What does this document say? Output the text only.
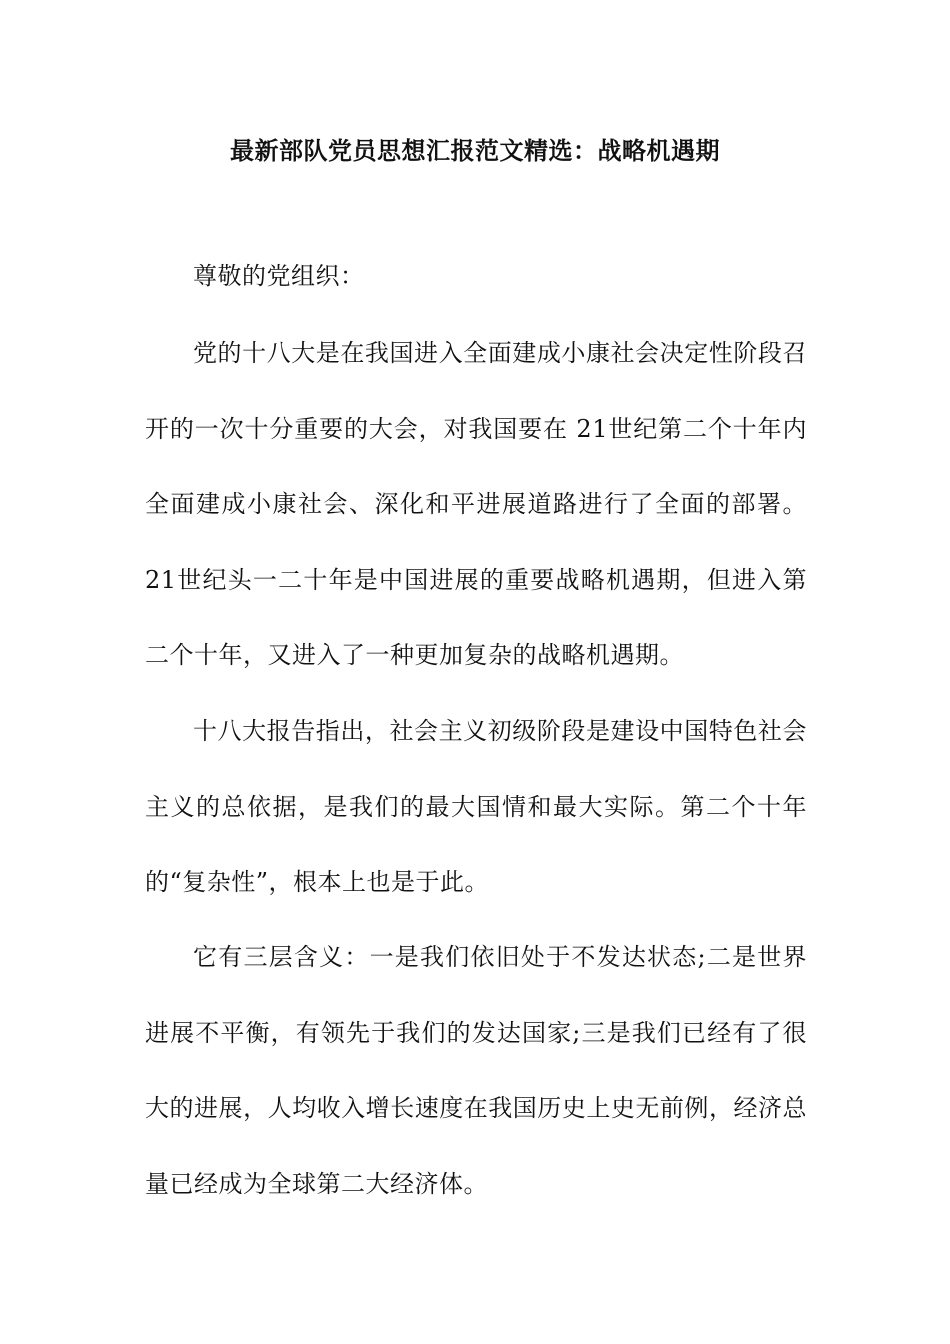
最新部队党员思想汇报范文精选：战略机遇期

尊敬的党组织：

党的十八大是在我国进入全面建成小康社会决定性阶段召开的一次十分重要的大会，对我国要在 21世纪第二个十年内全面建成小康社会、深化和平进展道路进行了全面的部署。21世纪头一二十年是中国进展的重要战略机遇期，但进入第二个十年，又进入了一种更加复杂的战略机遇期。

十八大报告指出，社会主义初级阶段是建设中国特色社会主义的总依据，是我们的最大国情和最大实际。第二个十年的“复杂性”，根本上也是于此。

它有三层含义：一是我们依旧处于不发达状态;二是世界进展不平衡，有领先于我们的发达国家;三是我们已经有了很大的进展，人均收入增长速度在我国历史上史无前例，经济总量已经成为全球第二大经济体。
